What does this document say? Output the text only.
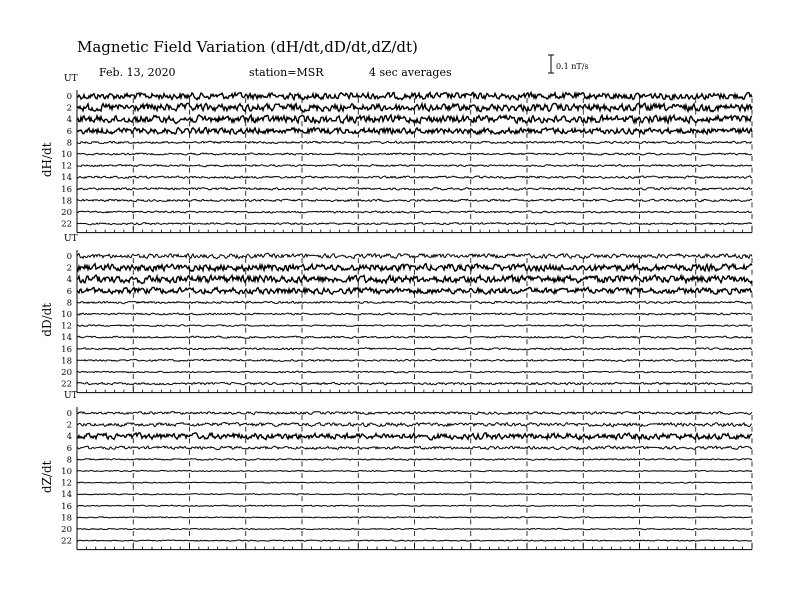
Magnetic Field Variation (dH/dt,dD/dt,dZ/dt)
Feb. 13, 2020	station=MSR	4 sec averages	0.1 nT/s
UT
dH/dt
0
2
4
6
8
10
12
14
16
18
20
22
UT
dD/dt
0
2
4
6
8
10
12
14
16
18
20
22
UT
dZ/dt
0
2
4
6
8
10
12
14
16
18
20
22
